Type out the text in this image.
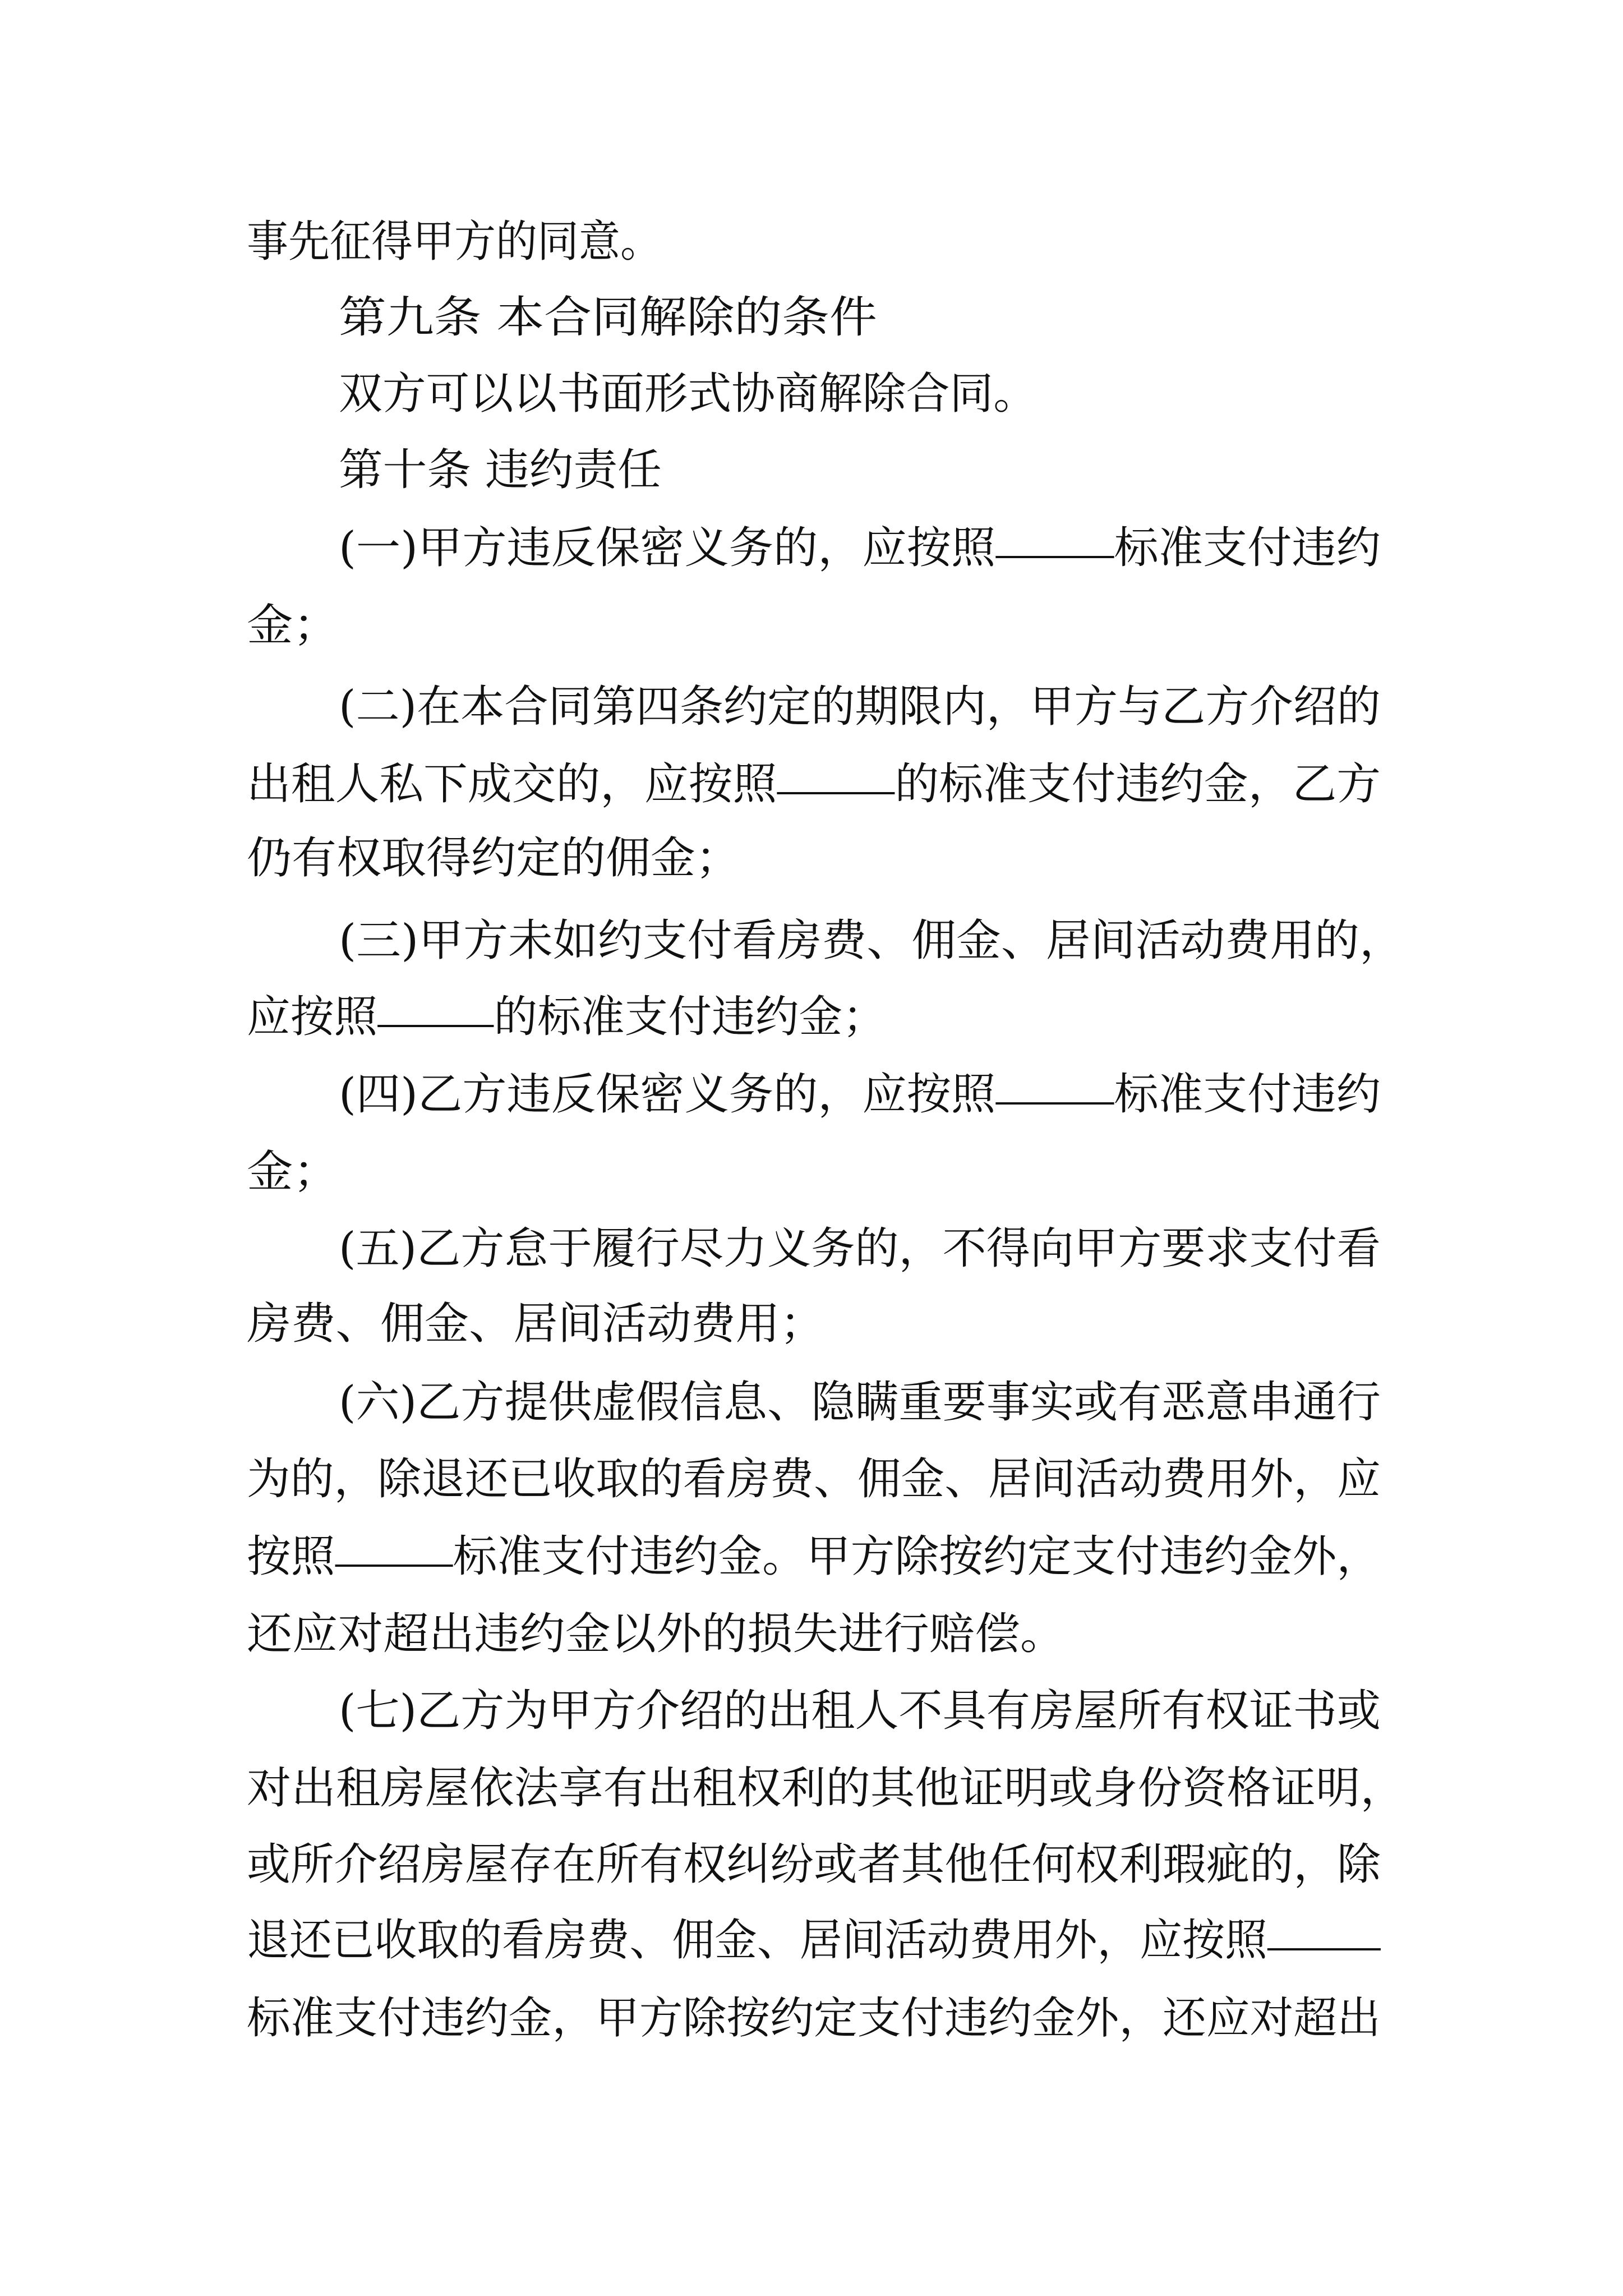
事先征得甲方的同意。
第九条 本合同解除的条件
双方可以以书面形式协商解除合同。
第十条 违约责任
(一)甲方违反保密义务的，应按照	标准支付违约
金；
(二)在本合同第四条约定的期限内，甲方与乙方介绍的
出租人私下成交的，应按照	的标准支付违约金，乙方
仍有权取得约定的佣金；
(三)甲方未如约支付看房费、佣金、居间活动费用的，
应按照	的标准支付违约金；
(四)乙方违反保密义务的，应按照	标准支付违约
金；
(五)乙方怠于履行尽力义务的，不得向甲方要求支付看
房费、佣金、居间活动费用；
(六)乙方提供虚假信息、隐瞒重要事实或有恶意串通行
为的，除退还已收取的看房费、佣金、居间活动费用外，应
按照	标准支付违约金。甲方除按约定支付违约金外，
还应对超出违约金以外的损失进行赔偿。
(七)乙方为甲方介绍的出租人不具有房屋所有权证书或
对出租房屋依法享有出租权利的其他证明或身份资格证明，
或所介绍房屋存在所有权纠纷或者其他任何权利瑕疵的，除
退还已收取的看房费、佣金、居间活动费用外，应按照
标准支付违约金，甲方除按约定支付违约金外，还应对超出
